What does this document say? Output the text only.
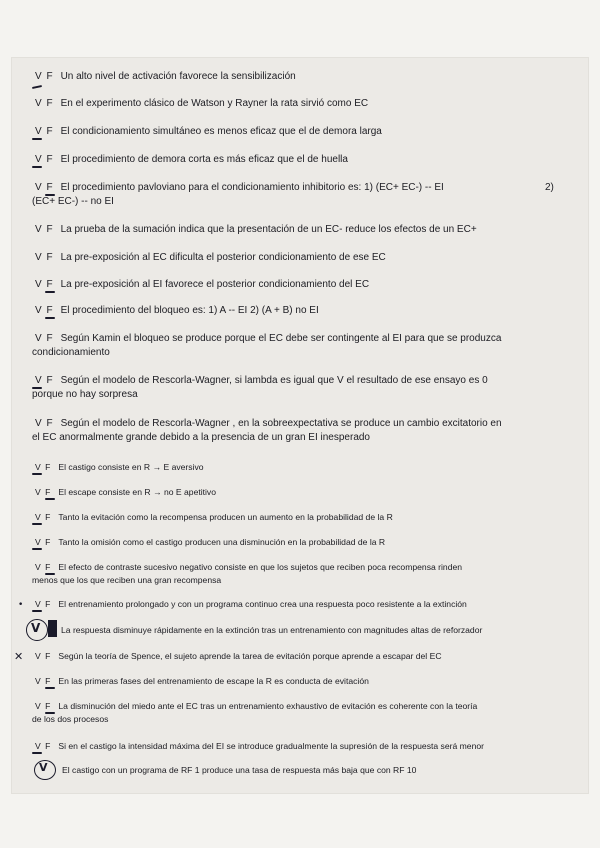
V F Un alto nivel de activación favorece la sensibilización
V F En el experimento clásico de Watson y Rayner la rata sirvió como EC
V F El condicionamiento simultáneo es menos eficaz que el de demora larga
V F El procedimiento de demora corta es más eficaz que el de huella
V F El procedimiento pavloviano para el condicionamiento inhibitorio es: 1) (EC+ EC-) -- EI	2)
(EC+ EC-) -- no EI
V F La prueba de la sumación indica que la presentación de un EC- reduce los efectos de un EC+
V F La pre-exposición al EC dificulta el posterior condicionamiento de ese EC
V F La pre-exposición al EI favorece el posterior condicionamiento del EC
V F El procedimiento del bloqueo es: 1) A -- EI 2) (A + B) no EI
V F Según Kamin el bloqueo se produce porque el EC debe ser contingente al EI para que se produzca
condicionamiento
V F Según el modelo de Rescorla-Wagner, si lambda es igual que V el resultado de ese ensayo es 0
porque no hay sorpresa
V F Según el modelo de Rescorla-Wagner , en la sobreexpectativa se produce un cambio excitatorio en
el EC anormalmente grande debido a la presencia de un gran EI inesperado
V F El castigo consiste en R → E aversivo
V F El escape consiste en R → no E apetitivo
V F Tanto la evitación como la recompensa producen un aumento en la probabilidad de la R
V F Tanto la omisión como el castigo producen una disminución en la probabilidad de la R
V F El efecto de contraste sucesivo negativo consiste en que los sujetos que reciben poca recompensa rinden
menos que los que reciben una gran recompensa
V F El entrenamiento prolongado y con un programa continuo crea una respuesta poco resistente a la extinción
La respuesta disminuye rápidamente en la extinción tras un entrenamiento con magnitudes altas de reforzador
V F Según la teoría de Spence, el sujeto aprende la tarea de evitación porque aprende a escapar del EC
V F En las primeras fases del entrenamiento de escape la R es conducta de evitación
V F La disminución del miedo ante el EC tras un entrenamiento exhaustivo de evitación es coherente con la teoría
de los dos procesos
V F Si en el castigo la intensidad máxima del EI se introduce gradualmente la supresión de la respuesta será menor
El castigo con un programa de RF 1 produce una tasa de respuesta más baja que con RF 10
•
✕
V
V
